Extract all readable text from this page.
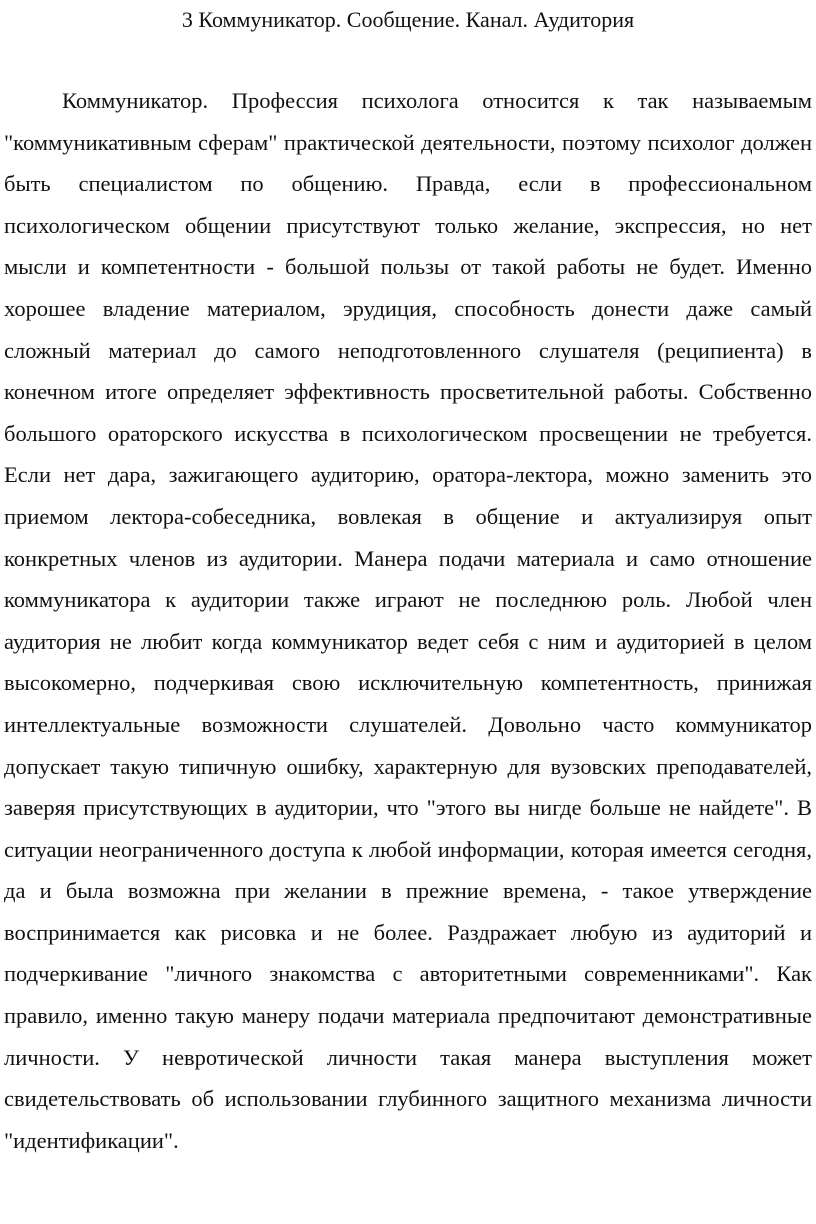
3 Коммуникатор. Сообщение. Канал. Аудитория

Коммуникатор. Профессия психолога относится к так называемым "коммуникативным сферам" практической деятельности, поэтому психолог должен быть специалистом по общению. Правда, если в профессиональном психологическом общении присутствуют только желание, экспрессия, но нет мысли и компетентности - большой пользы от такой работы не будет. Именно хорошее владение материалом, эрудиция, способность донести даже самый сложный материал до самого неподготовленного слушателя (реципиента) в конечном итоге определяет эффективность просветительной работы. Собственно большого ораторского искусства в психологическом просвещении не требуется. Если нет дара, зажигающего аудиторию, оратора-лектора, можно заменить это приемом лектора-собеседника, вовлекая в общение и актуализируя опыт конкретных членов из аудитории. Манера подачи материала и само отношение коммуникатора к аудитории также играют не последнюю роль. Любой член аудитория не любит когда коммуникатор ведет себя с ним и аудиторией в целом высокомерно, подчеркивая свою исключительную компетентность, принижая интеллектуальные возможности слушателей. Довольно часто коммуникатор допускает такую типичную ошибку, характерную для вузовских преподавателей, заверяя присутствующих в аудитории, что "этого вы нигде больше не найдете". В ситуации неограниченного доступа к любой информации, которая имеется сегодня, да и была возможна при желании в прежние времена, - такое утверждение воспринимается как рисовка и не более. Раздражает любую из аудиторий и подчеркивание "личного знакомства с авторитетными современниками". Как правило, именно такую манеру подачи материала предпочитают демонстративные личности. У невротической личности такая манера выступления может свидетельствовать об использовании глубинного защитного механизма личности "идентификации".
